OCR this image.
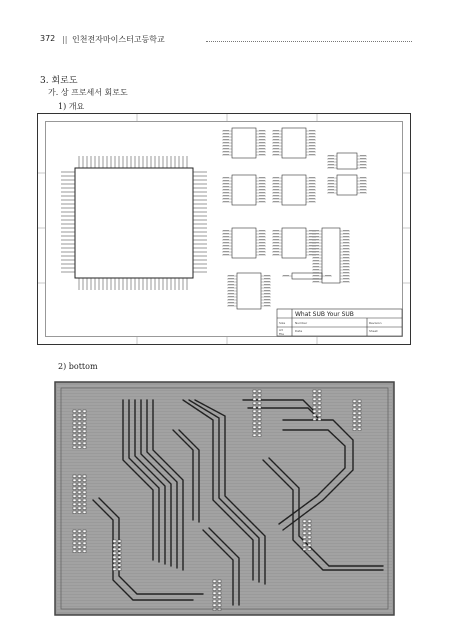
372 || 인천전자마이스터고등학교
3. 회로도
가. 상 프로세서 회로도
1) 개요
What SUB Your SUB
Size	Number	Revision
A3	Date	Sheet
File
2) bottom
